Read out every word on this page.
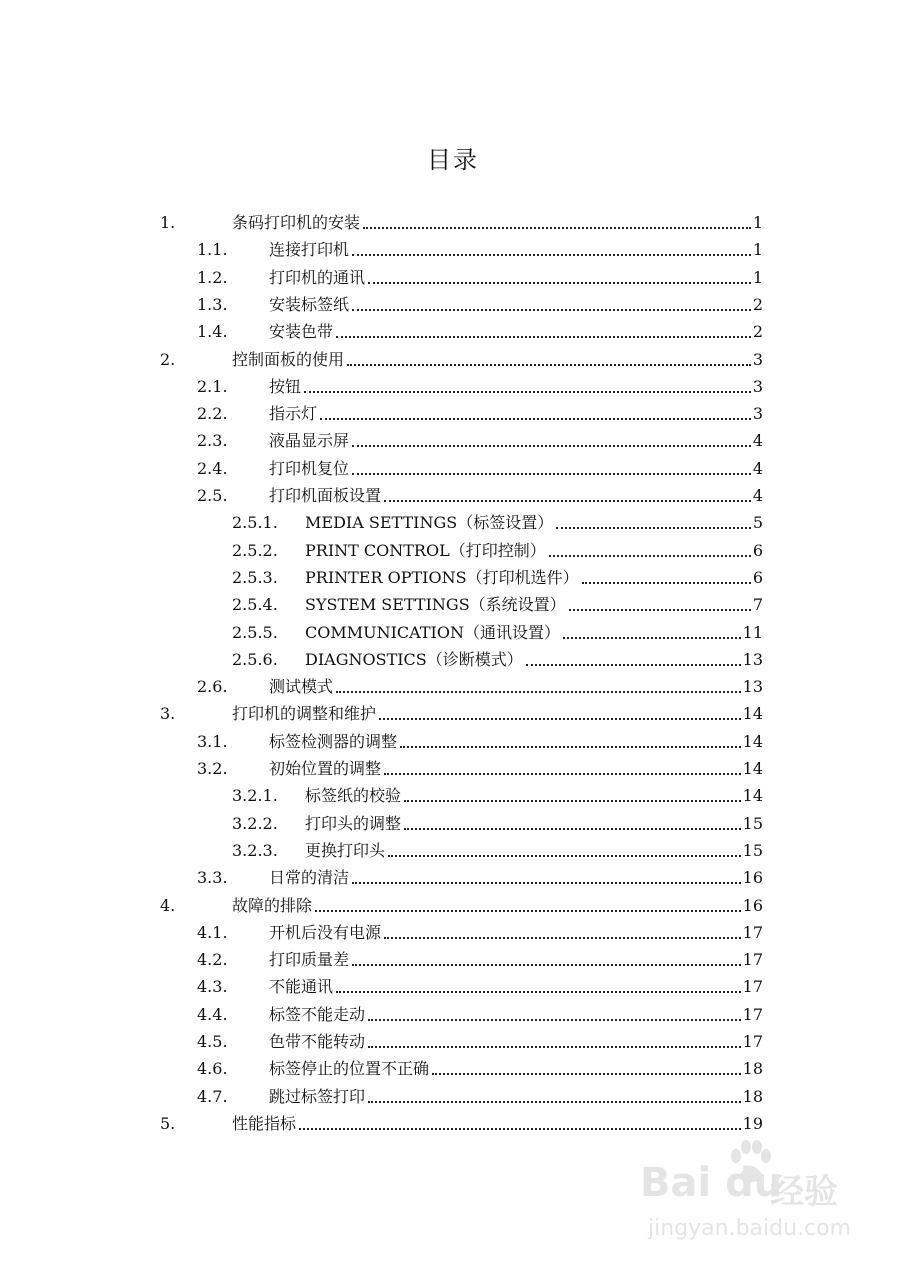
目录
1.	条码打印机的安装	1
1.1.	连接打印机	1
1.2.	打印机的通讯	1
1.3.	安装标签纸	2
1.4.	安装色带	2
2.	控制面板的使用	3
2.1.	按钮	3
2.2.	指示灯	3
2.3.	液晶显示屏	4
2.4.	打印机复位	4
2.5.	打印机面板设置	4
2.5.1. MEDIA SETTINGS（标签设置）	5
2.5.2. PRINT CONTROL（打印控制）	6
2.5.3. PRINTER OPTIONS（打印机选件）	6
2.5.4. SYSTEM SETTINGS（系统设置）	7
2.5.5. COMMUNICATION（通讯设置）	11
2.5.6. DIAGNOSTICS（诊断模式）	13
2.6.	测试模式	13
3.	打印机的调整和维护	14
3.1.	标签检测器的调整	14
3.2.	初始位置的调整	14
3.2.1. 标签纸的校验	14
3.2.2. 打印头的调整	15
3.2.3. 更换打印头	15
3.3.	日常的清洁	16
4.	故障的排除	16
4.1.	开机后没有电源	17
4.2.	打印质量差	17
4.3.	不能通讯	17
4.4.	标签不能走动	17
4.5.	色带不能转动	17
4.6.	标签停止的位置不正确	18
4.7.	跳过标签打印	18
5.	性能指标	19
Bai du
经验
jingyan.baidu.com
